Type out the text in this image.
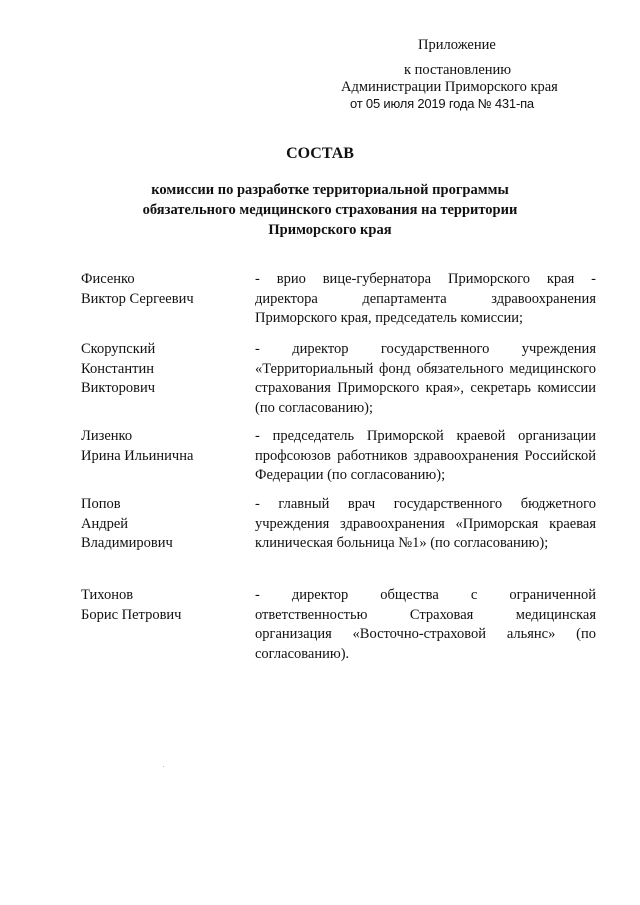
Приложение
к постановлению
Администрации Приморского края
от 05 июля 2019 года № 431-па
СОСТАВ
комиссии по разработке территориальной программы обязательного медицинского страхования на территории Приморского края
Фисенко
Виктор Сергеевич
- врио вице-губернатора Приморского края - директора департамента здравоохранения Приморского края, председатель комиссии;
Скорупский
Константин
Викторович
- директор государственного учреждения «Территориальный фонд обязательного медицинского страхования Приморского края», секретарь комиссии (по согласованию);
Лизенко
Ирина Ильинична
- председатель Приморской краевой организации профсоюзов работников здравоохранения Российской Федерации (по согласованию);
Попов
Андрей
Владимирович
- главный врач государственного бюджетного учреждения здравоохранения «Приморская краевая клиническая больница №1» (по согласованию);
Тихонов
Борис Петрович
- директор общества с ограниченной ответственностью Страховая медицинская организация «Восточно-страховой альянс» (по согласованию).
